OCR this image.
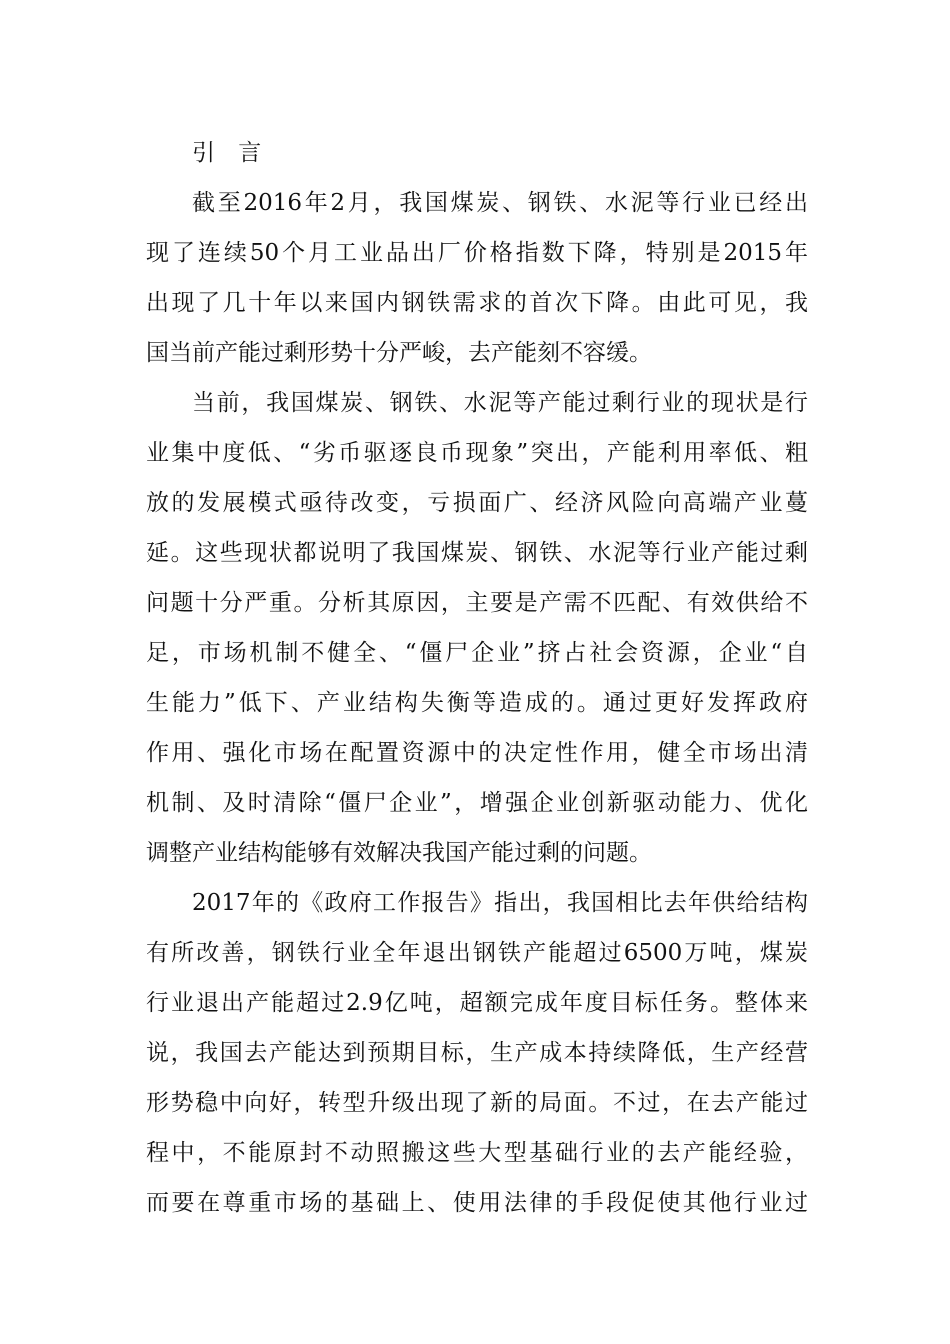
引 言
截至2016年2月，我国煤炭、钢铁、水泥等行业已经出
现了连续50个月工业品出厂价格指数下降，特别是2015年
出现了几十年以来国内钢铁需求的首次下降。由此可见，我
国当前产能过剩形势十分严峻，去产能刻不容缓。
当前，我国煤炭、钢铁、水泥等产能过剩行业的现状是行
业集中度低、“劣币驱逐良币现象”突出，产能利用率低、粗
放的发展模式亟待改变，亏损面广、经济风险向高端产业蔓
延。这些现状都说明了我国煤炭、钢铁、水泥等行业产能过剩
问题十分严重。分析其原因，主要是产需不匹配、有效供给不
足，市场机制不健全、“僵尸企业”挤占社会资源，企业“自
生能力”低下、产业结构失衡等造成的。通过更好发挥政府
作用、强化市场在配置资源中的决定性作用，健全市场出清
机制、及时清除“僵尸企业”，增强企业创新驱动能力、优化
调整产业结构能够有效解决我国产能过剩的问题。
2017年的《政府工作报告》指出，我国相比去年供给结构
有所改善，钢铁行业全年退出钢铁产能超过6500万吨，煤炭
行业退出产能超过2.9亿吨，超额完成年度目标任务。整体来
说，我国去产能达到预期目标，生产成本持续降低，生产经营
形势稳中向好，转型升级出现了新的局面。不过，在去产能过
程中，不能原封不动照搬这些大型基础行业的去产能经验，
而要在尊重市场的基础上、使用法律的手段促使其他行业过
